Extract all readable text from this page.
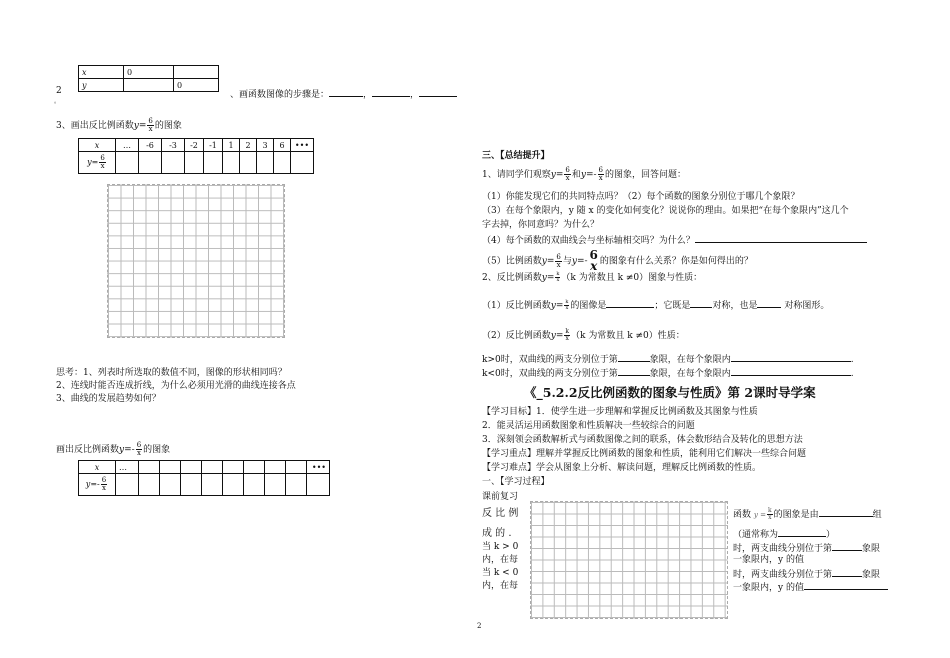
x	0	
y		0
2	、画函数图像的步骤是：	，	，
。
3、画出反比例函数$y= \frac{6}{x}$ 的图象
x	…	-6	-3	-2	-1	1	2	3	6	•••
$y= \frac{6}{x}$

思考：1、列表时所选取的数值不同，图像的形状相同吗？
2、连线时能否连成折线，为什么必须用光滑的曲线连接各点
3、曲线的发展趋势如何？
画出反比例函数$y=- \frac{6}{x}$ 的图象
x	…									•••
$y=- \frac{6}{x}$

2
三、【总结提升】
1、请同学们观察$y= \frac{6}{x}$ 和$y=- \frac{6}{x}$ 的图象，回答问题：
（1）你能发现它们的共同特点吗？（2）每个函数的图象分别位于哪几个象限？
（3）在每个象限内，y 随 x 的变化如何变化？说说你的理由。如果把“在每个象限内”这几个
字去掉，你同意吗？为什么？
（4）每个函数的双曲线会与坐标轴相交吗？为什么？
（5）比例函数$y= \frac{6}{x}$ 与y=- 6
x 的图象有什么关系？你是如何得出的？
2、反比例函数$y= \frac{k}{x} (k$ 为常数且 k ≠0）图象与性质：
（1）反比例函数$y= \frac{k}{x}$ 的图像是	；它既是 对称，也是	对称图形。
（2）反比例函数$y= \frac{k}{x} (k$ 为常数且 k ≠0）性质：
k>0时，双曲线的两支分别位于第	象限，在每个象限内	.
k<0时，双曲线的两支分别位于第	象限，在每个象限内	.
《_5.2.2反比例函数的图象与性质》第 2课时导学案
【学习目标】1．使学生进一步理解和掌握反比例函数及其图象与性质
2．能灵活运用函数图象和性质解决一些较综合的问题
3．深刻领会函数解析式与函数图像之间的联系，体会数形结合及转化的思想方法
【学习重点】理解并掌握反比例函数的图象和性质，能利用它们解决一些综合问题
【学习难点】学会从图象上分析、解读问题，理解反比例函数的性质。
一、【学习过程】
课前复习
反 比 例
成 的 .
当 k > 0
内，在每
当 k < 0
内，在每
函数 $y = \frac{k}{x}$ 的图象是由	组
（通常称为	）
时，两支曲线分别位于第	象限
一象限内，y 的值
时，两支曲线分别位于第	象限
一象限内，y 的值
